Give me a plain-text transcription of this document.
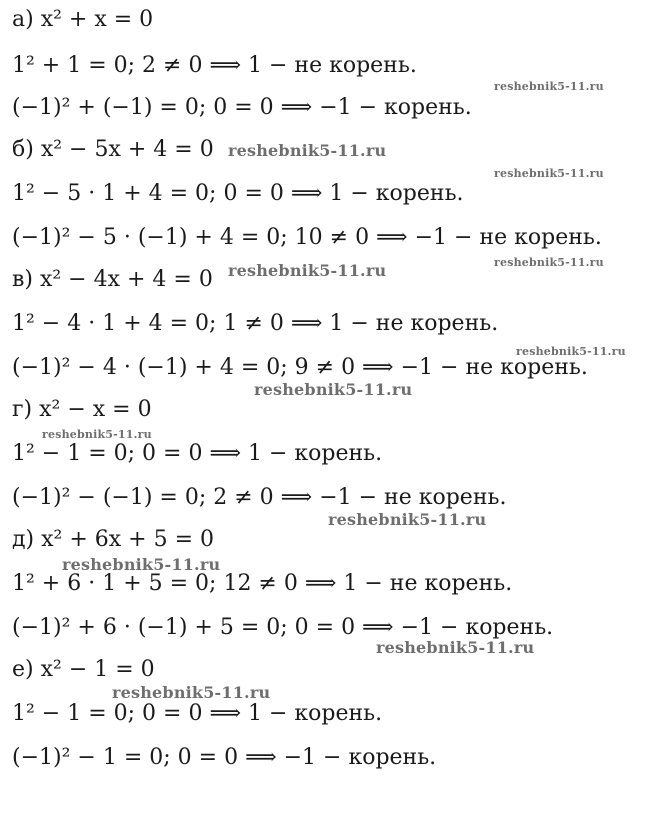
а) x² + x = 0
1² + 1 = 0; 2 ≠ 0 ⟹ 1 − не корень.
(−1)² + (−1) = 0; 0 = 0 ⟹ −1 − корень.
б) x² − 5x + 4 = 0
1² − 5 · 1 + 4 = 0; 0 = 0 ⟹ 1 − корень.
(−1)² − 5 · (−1) + 4 = 0; 10 ≠ 0 ⟹ −1 − не корень.
в) x² − 4x + 4 = 0
1² − 4 · 1 + 4 = 0; 1 ≠ 0 ⟹ 1 − не корень.
(−1)² − 4 · (−1) + 4 = 0; 9 ≠ 0 ⟹ −1 − не корень.
г) x² − x = 0
1² − 1 = 0; 0 = 0 ⟹ 1 − корень.
(−1)² − (−1) = 0; 2 ≠ 0 ⟹ −1 − не корень.
д) x² + 6x + 5 = 0
1² + 6 · 1 + 5 = 0; 12 ≠ 0 ⟹ 1 − не корень.
(−1)² + 6 · (−1) + 5 = 0; 0 = 0 ⟹ −1 − корень.
е) x² − 1 = 0
1² − 1 = 0; 0 = 0 ⟹ 1 − корень.
(−1)² − 1 = 0; 0 = 0 ⟹ −1 − корень.
reshebnik5-11.ru
reshebnik5-11.ru
reshebnik5-11.ru
reshebnik5-11.ru
reshebnik5-11.ru
reshebnik5-11.ru
reshebnik5-11.ru
reshebnik5-11.ru
reshebnik5-11.ru
reshebnik5-11.ru
reshebnik5-11.ru
reshebnik5-11.ru
